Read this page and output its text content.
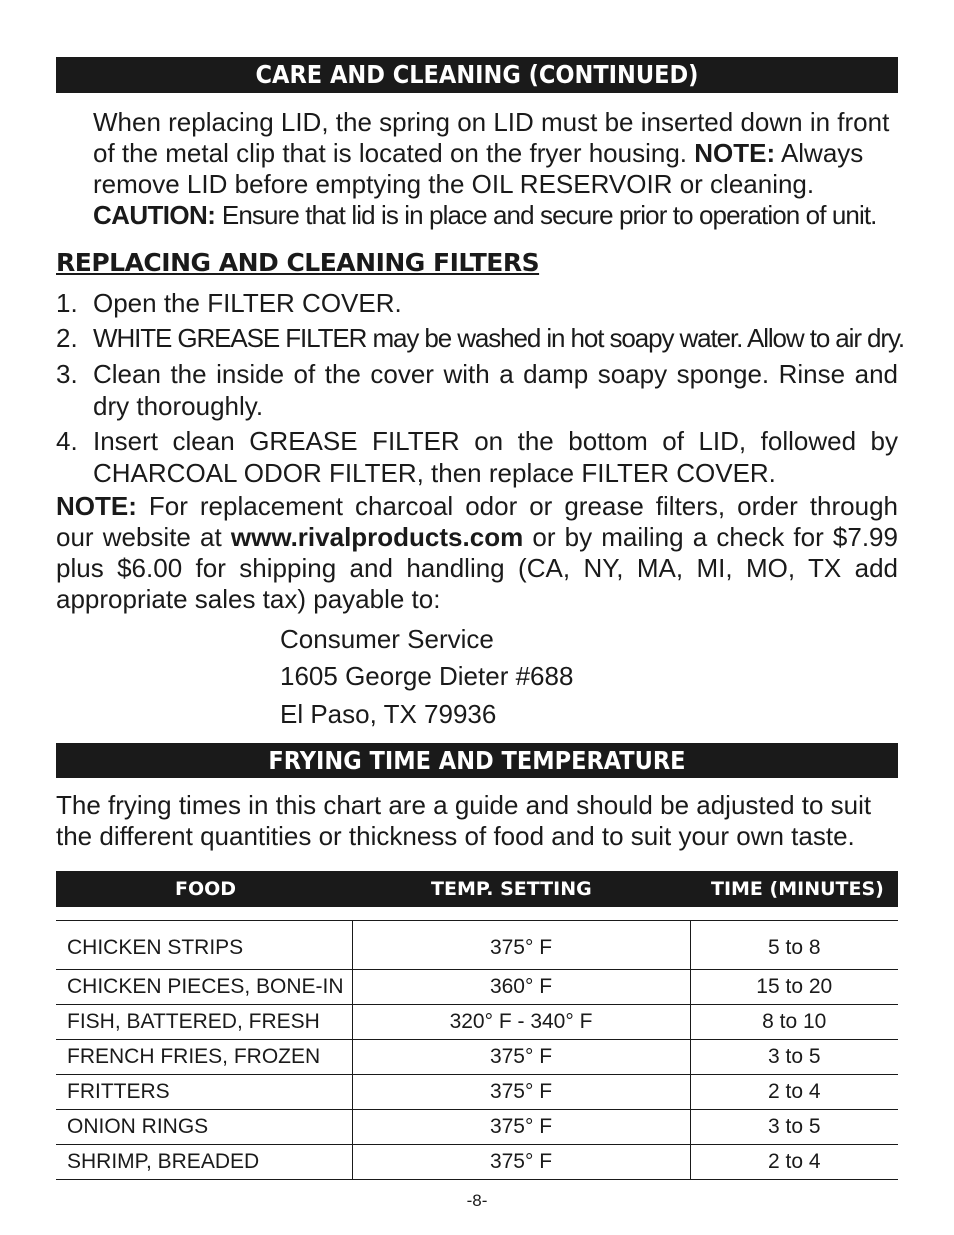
CARE AND CLEANING (CONTINUED)
When replacing LID, the spring on LID must be inserted down in front
of the metal clip that is located on the fryer housing. NOTE: Always
remove LID before emptying the OIL RESERVOIR or cleaning.
CAUTION: Ensure that lid is in place and secure prior to operation of unit.
REPLACING AND CLEANING FILTERS
1. Open the FILTER COVER.
2. WHITE GREASE FILTER may be washed in hot soapy water. Allow to air dry.
3. Clean the inside of the cover with a damp soapy sponge. Rinse and dry thoroughly.
4. Insert clean GREASE FILTER on the bottom of LID, followed by CHARCOAL ODOR FILTER, then replace FILTER COVER.
NOTE: For replacement charcoal odor or grease filters, order through our website at www.rivalproducts.com or by mailing a check for $7.99 plus $6.00 for shipping and handling (CA, NY, MA, MI, MO, TX add appropriate sales tax) payable to:
Consumer Service
1605 George Dieter #688
El Paso, TX 79936
FRYING TIME AND TEMPERATURE
The frying times in this chart are a guide and should be adjusted to suit the different quantities or thickness of food and to suit your own taste.
FOOD	TEMP. SETTING	TIME (MINUTES)
CHICKEN STRIPS	375° F	5 to 8
CHICKEN PIECES, BONE-IN	360° F	15 to 20
FISH, BATTERED, FRESH	320° F - 340° F	8 to 10
FRENCH FRIES, FROZEN	375° F	3 to 5
FRITTERS	375° F	2 to 4
ONION RINGS	375° F	3 to 5
SHRIMP, BREADED	375° F	2 to 4
-8-
